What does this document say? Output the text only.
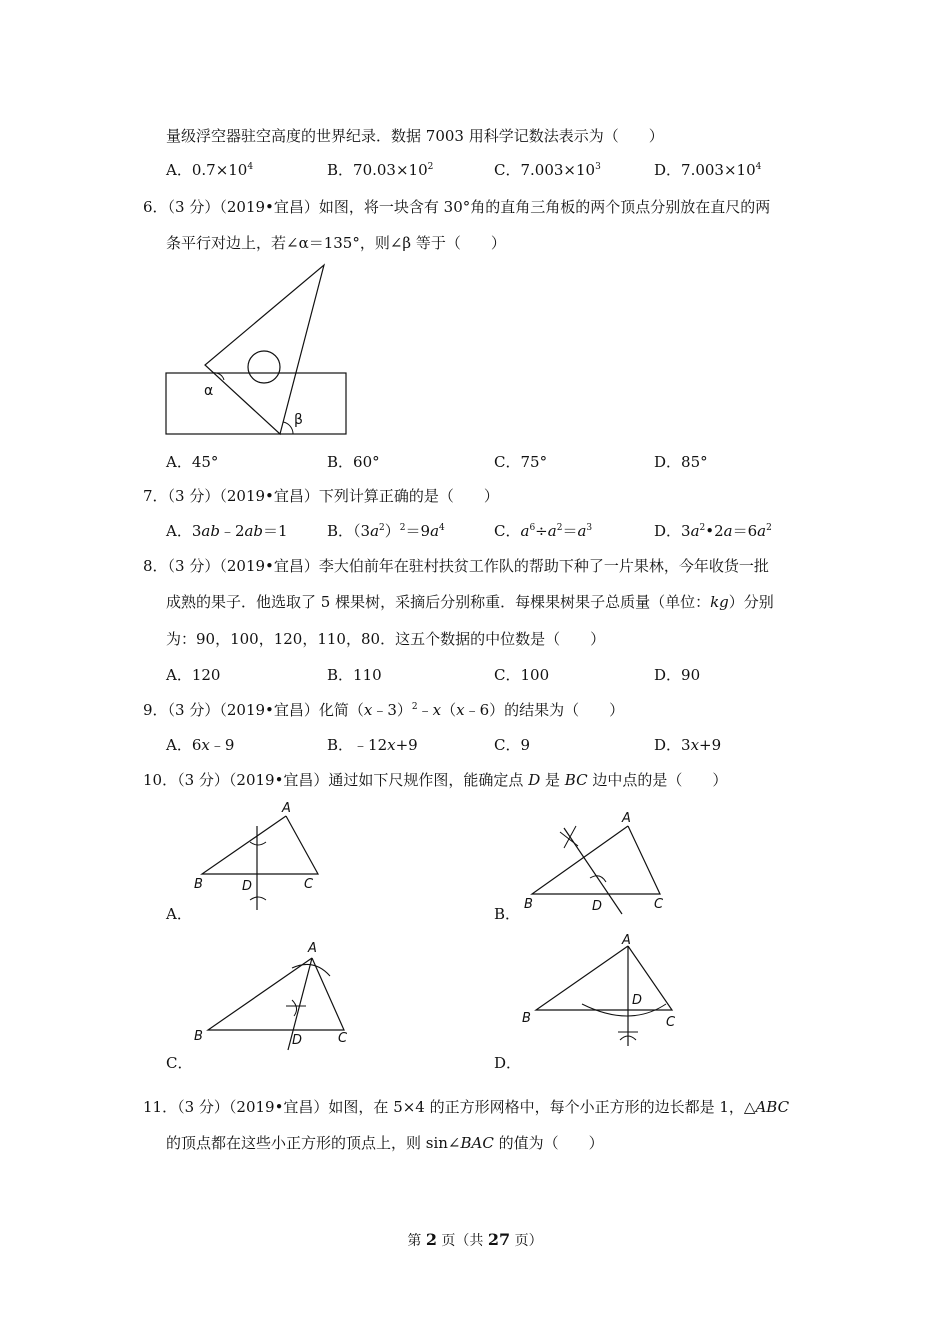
量级浮空器驻空高度的世界纪录．数据 7003 用科学记数法表示为（　　）
A．$0.7\times 10^4$	B．$70.03\times 10^2$	C．$7.003\times 10^3$	D．$7.003\times 10^4$
6．（3 分）（2019•宜昌）如图，将一块含有 30°角的直角三角板的两个顶点分别放在直尺的两
条平行对边上，若∠α＝135°，则∠β 等于（　　）
α
β
A．45°	B．60°	C．75°	D．85°
7．（3 分）（2019•宜昌）下列计算正确的是（　　）
A．3ab﹣2ab＝1	B．$(3a^2)^2=9a^4$	C．$a^6\div a^2=a^3$	D．$3a^2•2a=6a^2$
8．（3 分）（2019•宜昌）李大伯前年在驻村扶贫工作队的帮助下种了一片果林，今年收货一批
成熟的果子．他选取了 5 棵果树，采摘后分别称重．每棵果树果子总质量（单位：kg）分别
为：90，100，120，110，80．这五个数据的中位数是（　　）
A．120	B．110	C．100	D．90
9．（3 分）（2019•宜昌）化简（x﹣3）$^2$﹣x（x﹣6）的结果为（　　）
A．6x﹣9	B．﹣12x+9	C．9	D．3x+9
10．（3 分）（2019•宜昌）通过如下尺规作图，能确定点 D 是 BC 边中点的是（　　）
A
B	C
D
A．
A
B	C
D
B．
A
B	C
D
C．
A
B	C
D
D．
11．（3 分）（2019•宜昌）如图，在 5×4 的正方形网格中，每个小正方形的边长都是 1，△ABC
的顶点都在这些小正方形的顶点上，则 sin∠BAC 的值为（　　）
第 2 页（共 27 页）
